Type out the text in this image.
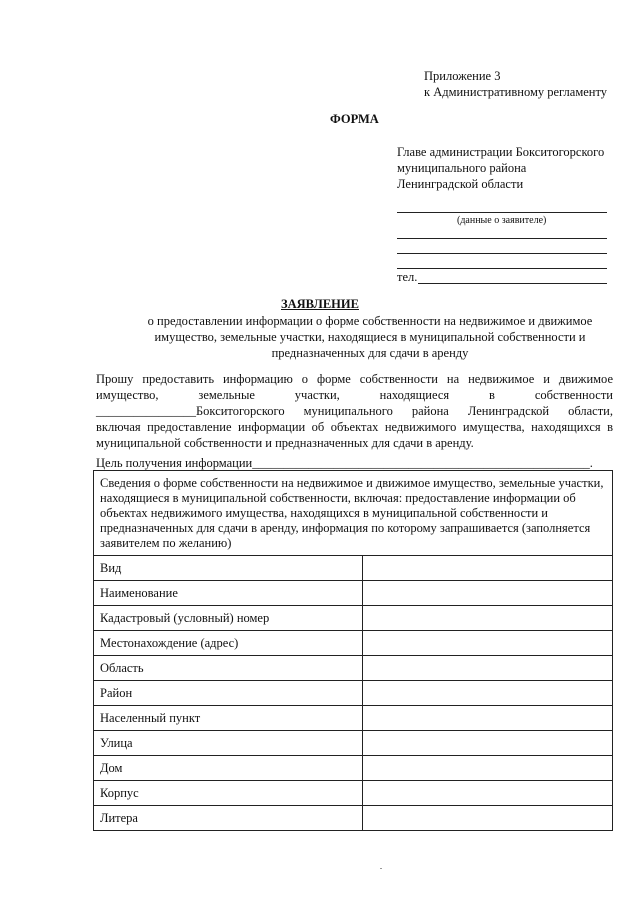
Приложение 3
к Административному регламенту
ФОРМА
Главе администрации Бокситогорского
муниципального района
Ленинградской области
(данные о заявителе)
тел.
ЗАЯВЛЕНИЕ
о предоставлении информации о форме собственности на недвижимое и движимое
имущество, земельные участки, находящиеся в муниципальной собственности и
предназначенных для сдачи в аренду
Прошу предоставить информацию о форме собственности на недвижимое и движимое
имущество, земельные участки, находящиеся в собственности
________________Бокситогорского муниципального района Ленинградской области,
включая предоставление информации об объектах недвижимого имущества, находящихся в
муниципальной собственности и предназначенных для сдачи в аренду.
Цель получения информации______________________________________________________.
Сведения о форме собственности на недвижимое и движимое имущество, земельные участки, находящиеся в муниципальной собственности, включая: предоставление информации об объектах недвижимого имущества, находящихся в муниципальной собственности и предназначенных для сдачи в аренду, информация по которому запрашивается (заполняется заявителем по желанию)	
Вид	
Наименование	
Кадастровый (условный) номер	
Местонахождение (адрес)	
Область	
Район	
Населенный пункт	
Улица	
Дом	
Корпус	
Литера	
